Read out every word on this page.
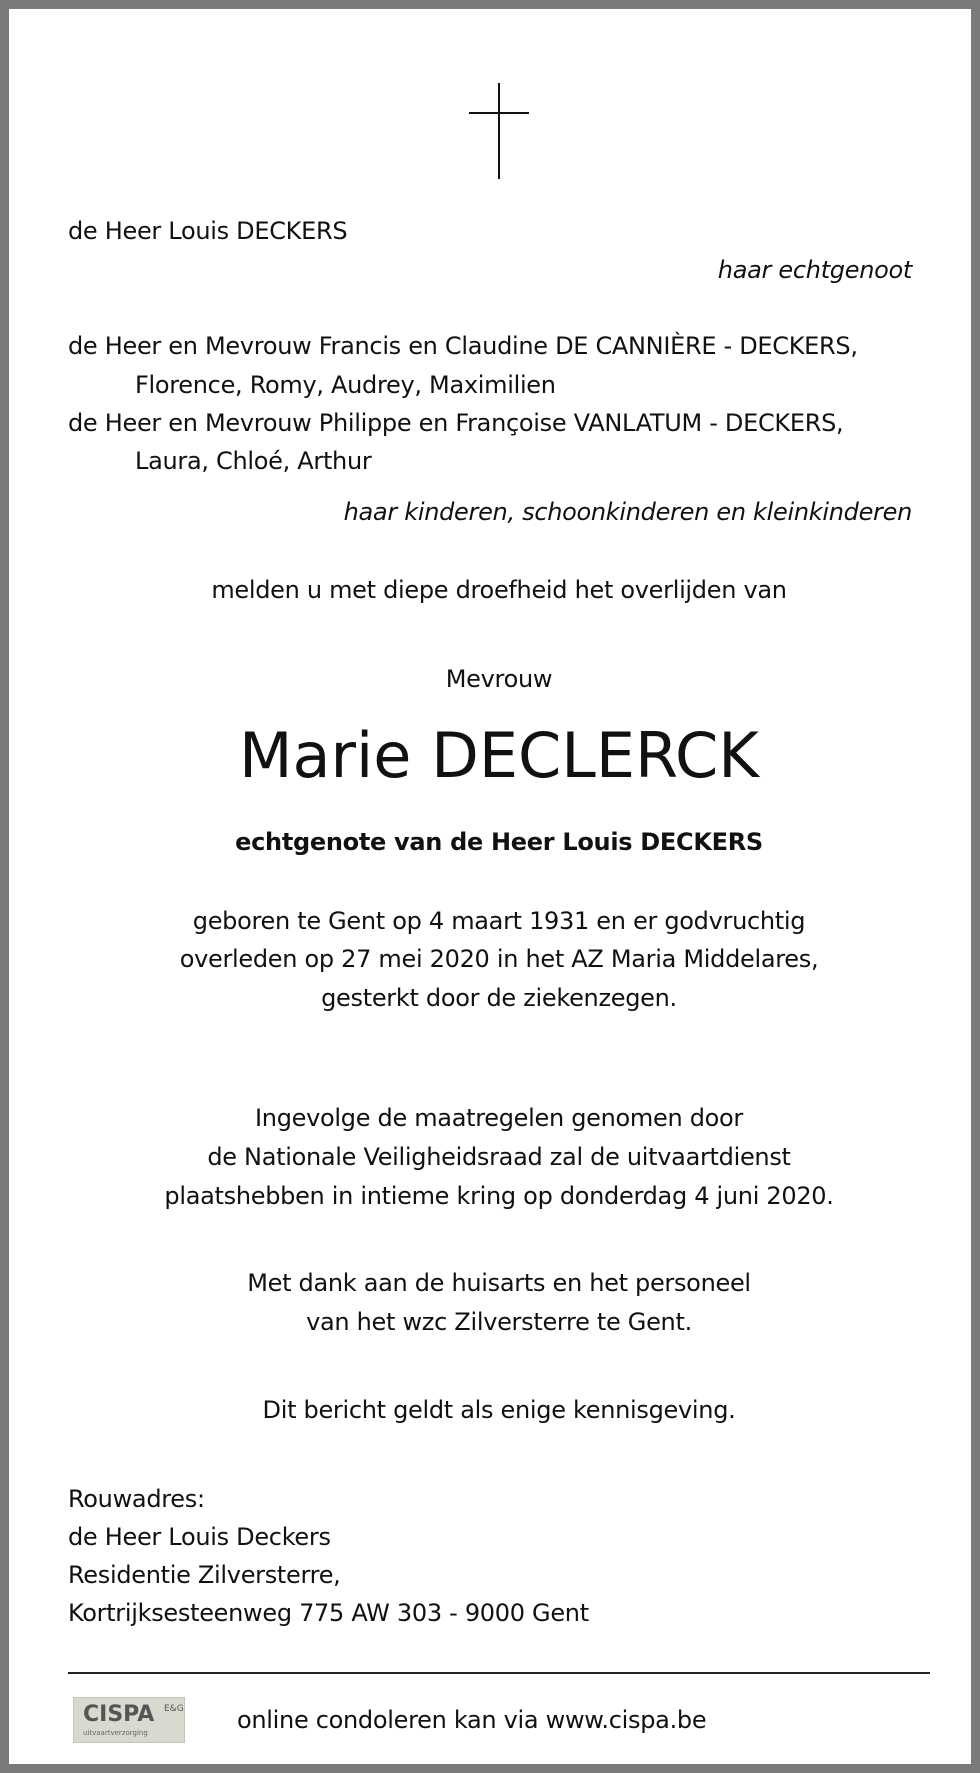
de Heer Louis DECKERS
haar echtgenoot
de Heer en Mevrouw Francis en Claudine DE CANNIÈRE - DECKERS,
Florence, Romy, Audrey, Maximilien
de Heer en Mevrouw Philippe en Françoise VANLATUM - DECKERS,
Laura, Chloé, Arthur
haar kinderen, schoonkinderen en kleinkinderen
melden u met diepe droefheid het overlijden van
Mevrouw
Marie DECLERCK
echtgenote van de Heer Louis DECKERS
geboren te Gent op 4 maart 1931 en er godvruchtig
overleden op 27 mei 2020 in het AZ Maria Middelares,
gesterkt door de ziekenzegen.
Ingevolge de maatregelen genomen door
de Nationale Veiligheidsraad zal de uitvaartdienst
plaatshebben in intieme kring op donderdag 4 juni 2020.
Met dank aan de huisarts en het personeel
van het wzc Zilversterre te Gent.
Dit bericht geldt als enige kennisgeving.
Rouwadres:
de Heer Louis Deckers
Residentie Zilversterre,
Kortrijksesteenweg 775 AW 303 - 9000 Gent
CISPA E&G
uitvaartverzorging	online condoleren kan via www.cispa.be
